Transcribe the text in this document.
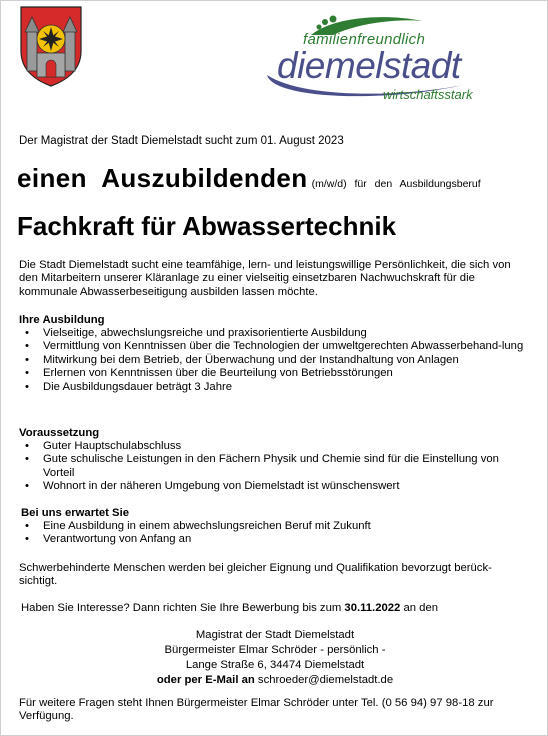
familienfreundlich
diemelstadt
wirtschaftsstark
Der Magistrat der Stadt Diemelstadt sucht zum 01. August 2023
einen  Auszubildenden (m/w/d) für den Ausbildungsberuf
Fachkraft für Abwassertechnik
Die Stadt Diemelstadt sucht eine teamfähige, lern- und leistungswillige Persönlichkeit, die sich von den Mitarbeitern unserer Kläranlage zu einer vielseitig einsetzbaren Nachwuchskraft für die kommunale Abwasserbeseitigung ausbilden lassen möchte.
Ihre Ausbildung
• Vielseitige, abwechslungsreiche und praxisorientierte Ausbildung
• Vermittlung von Kenntnissen über die Technologien der umweltgerechten Abwasserbehand-lung
• Mitwirkung bei dem Betrieb, der Überwachung und der Instandhaltung von Anlagen
• Erlernen von Kenntnissen über die Beurteilung von Betriebsstörungen
• Die Ausbildungsdauer beträgt 3 Jahre
Voraussetzung
• Guter Hauptschulabschluss
• Gute schulische Leistungen in den Fächern Physik und Chemie sind für die Einstellung von Vorteil
• Wohnort in der näheren Umgebung von Diemelstadt ist wünschenswert
Bei uns erwartet Sie
• Eine Ausbildung in einem abwechslungsreichen Beruf mit Zukunft
• Verantwortung von Anfang an
Schwerbehinderte Menschen werden bei gleicher Eignung und Qualifikation bevorzugt berück-sichtigt.
Haben Sie Interesse? Dann richten Sie Ihre Bewerbung bis zum 30.11.2022 an den
Magistrat der Stadt Diemelstadt
Bürgermeister Elmar Schröder - persönlich -
Lange Straße 6, 34474 Diemelstadt
oder per E-Mail an schroeder@diemelstadt.de
Für weitere Fragen steht Ihnen Bürgermeister Elmar Schröder unter Tel. (0 56 94) 97 98-18 zur Verfügung.
